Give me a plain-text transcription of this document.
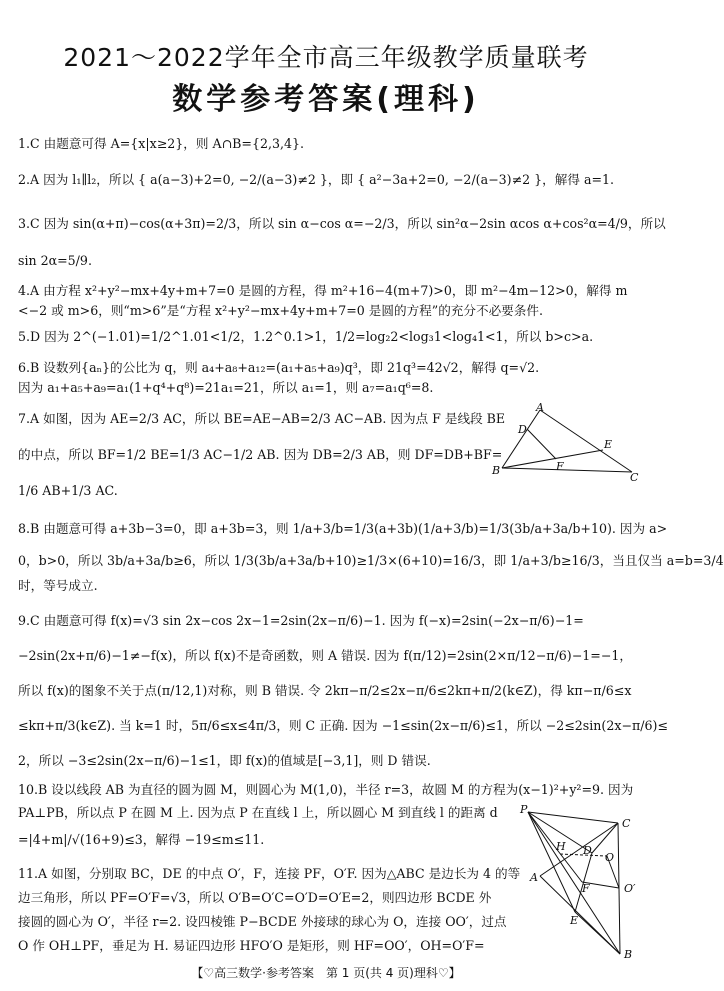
2021～2022学年全市高三年级教学质量联考
数学参考答案(理科)
1.C 由题意可得 A={x|x≥2}，则 A∩B={2,3,4}.
2.A 因为 l₁∥l₂，所以 { a(a−3)+2=0, −2/(a−3)≠2 }，即 { a²−3a+2=0, −2/(a−3)≠2 }，解得 a=1.
3.C 因为 sin(α+π)−cos(α+3π)=2/3，所以 sin α−cos α=−2/3，所以 sin²α−2sin αcos α+cos²α=4/9，所以
sin 2α=5/9.
4.A 由方程 x²+y²−mx+4y+m+7=0 是圆的方程，得 m²+16−4(m+7)>0，即 m²−4m−12>0，解得 m
<−2 或 m>6，则“m>6”是“方程 x²+y²−mx+4y+m+7=0 是圆的方程”的充分不必要条件.
5.D 因为 2^(−1.01)=1/2^1.01<1/2，1.2^0.1>1，1/2=log₂2<log₃1<log₄1<1，所以 b>c>a.
6.B 设数列{aₙ}的公比为 q，则 a₄+a₈+a₁₂=(a₁+a₅+a₉)q³，即 21q³=42√2，解得 q=√2.
因为 a₁+a₅+a₉=a₁(1+q⁴+q⁸)=21a₁=21，所以 a₁=1，则 a₇=a₁q⁶=8.
7.A 如图，因为 AE=2/3 AC，所以 BE=AE−AB=2/3 AC−AB. 因为点 F 是线段 BE
的中点，所以 BF=1/2 BE=1/3 AC−1/2 AB. 因为 DB=2/3 AB，则 DF=DB+BF=
1/6 AB+1/3 AC.
8.B 由题意可得 a+3b−3=0，即 a+3b=3，则 1/a+3/b=1/3(a+3b)(1/a+3/b)=1/3(3b/a+3a/b+10). 因为 a>
0，b>0，所以 3b/a+3a/b≥6，所以 1/3(3b/a+3a/b+10)≥1/3×(6+10)=16/3，即 1/a+3/b≥16/3，当且仅当 a=b=3/4
时，等号成立.
9.C 由题意可得 f(x)=√3 sin 2x−cos 2x−1=2sin(2x−π/6)−1. 因为 f(−x)=2sin(−2x−π/6)−1=
−2sin(2x+π/6)−1≠−f(x)，所以 f(x)不是奇函数，则 A 错误. 因为 f(π/12)=2sin(2×π/12−π/6)−1=−1，
所以 f(x)的图象不关于点(π/12,1)对称，则 B 错误. 令 2kπ−π/2≤2x−π/6≤2kπ+π/2(k∈Z)，得 kπ−π/6≤x
≤kπ+π/3(k∈Z). 当 k=1 时，5π/6≤x≤4π/3，则 C 正确. 因为 −1≤sin(2x−π/6)≤1，所以 −2≤2sin(2x−π/6)≤
2，所以 −3≤2sin(2x−π/6)−1≤1，即 f(x)的值域是[−3,1]，则 D 错误.
10.B 设以线段 AB 为直径的圆为圆 M，则圆心为 M(1,0)，半径 r=3，故圆 M 的方程为(x−1)²+y²=9. 因为
PA⊥PB，所以点 P 在圆 M 上. 因为点 P 在直线 l 上，所以圆心 M 到直线 l 的距离 d
=|4+m|/√(16+9)≤3，解得 −19≤m≤11.
11.A 如图，分别取 BC，DE 的中点 O′，F，连接 PF，O′F. 因为△ABC 是边长为 4 的等
边三角形，所以 PF=O′F=√3，所以 O′B=O′C=O′D=O′E=2，则四边形 BCDE 外
接圆的圆心为 O′，半径 r=2. 设四棱锥 P−BCDE 外接球的球心为 O，连接 OO′，过点
O 作 OH⊥PF，垂足为 H. 易证四边形 HFO′O 是矩形，则 HF=OO′，OH=O′F=
A
D
E
B	F
C
P
C
H D
O
A
F	O′
E
B
【♡高三数学·参考答案　第 1 页(共 4 页)理科♡】
